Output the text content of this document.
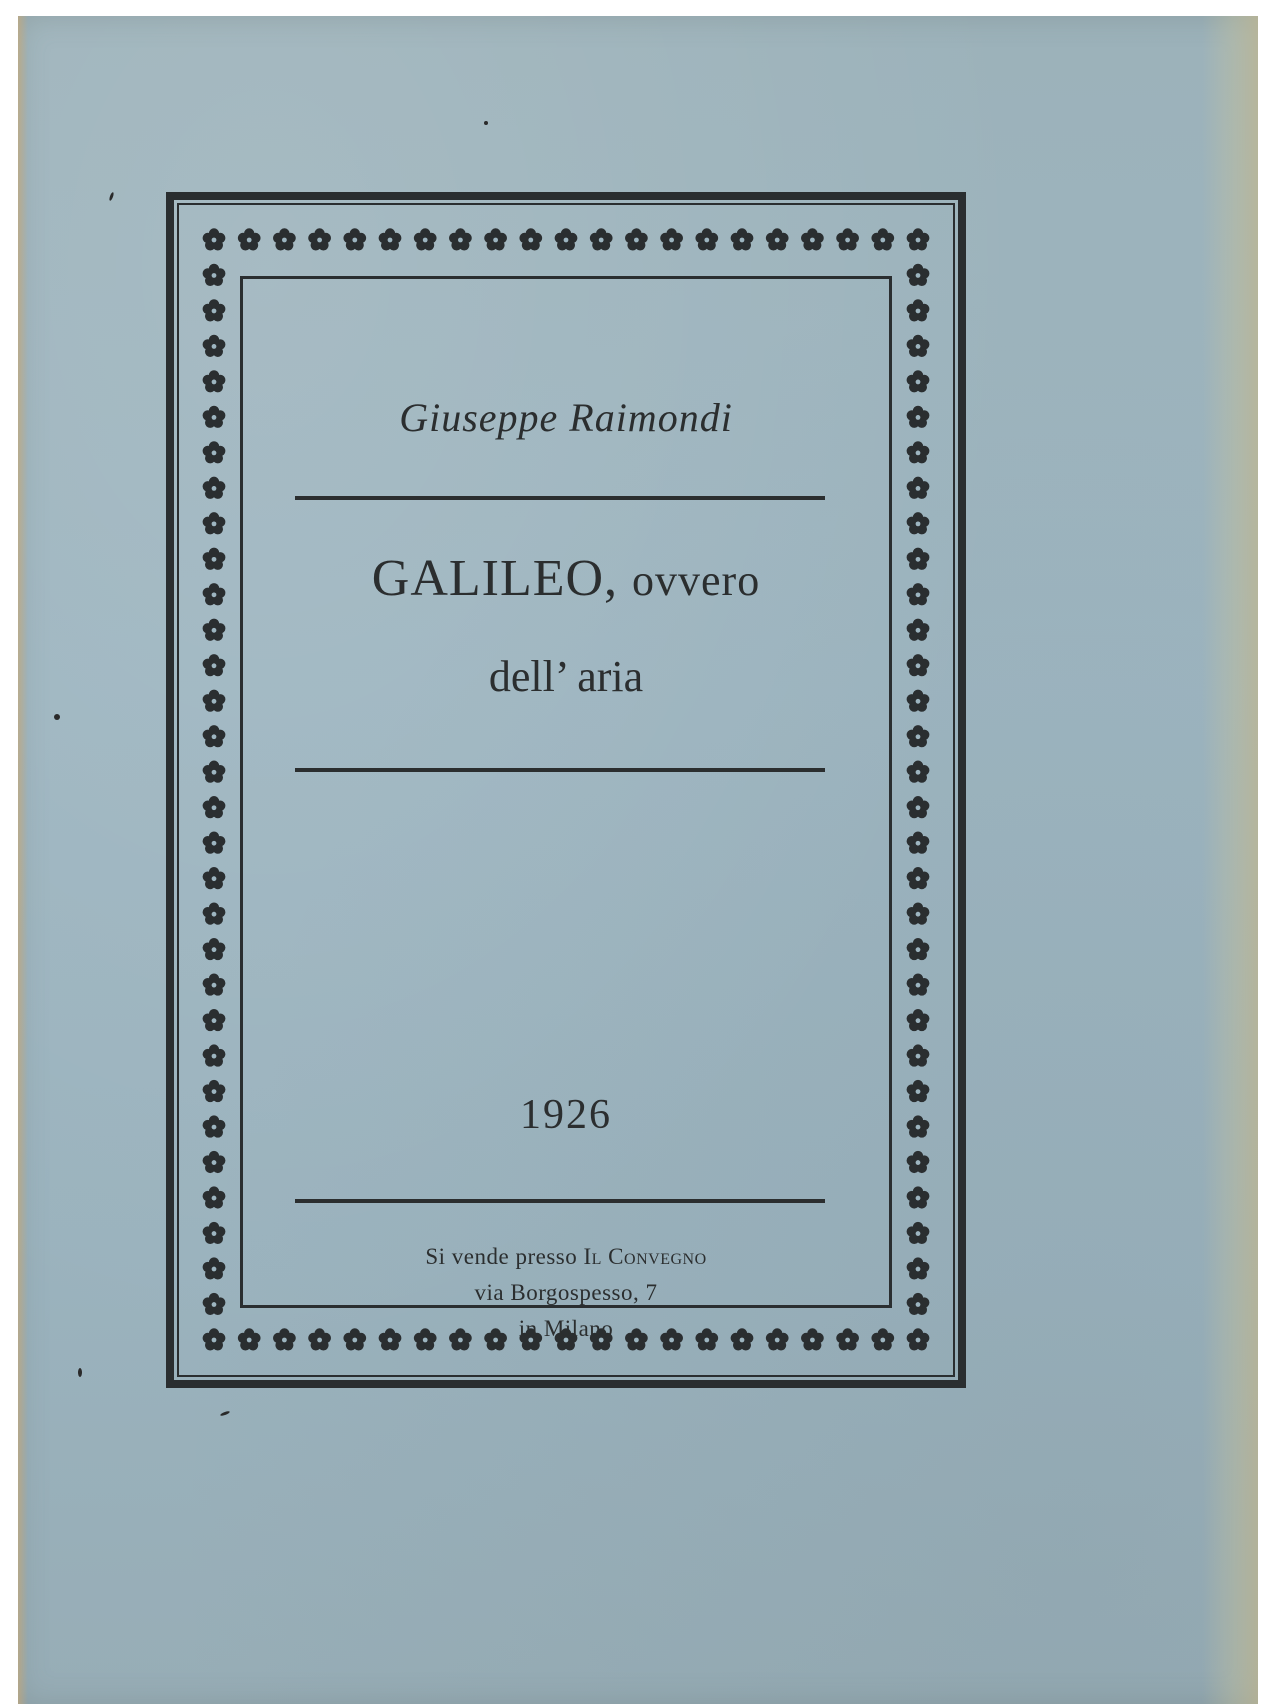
Giuseppe Raimondi
GALILEO, ovvero
dell’ aria
1926
Si vende presso Il Convegno
via Borgospesso, 7
in Milano
